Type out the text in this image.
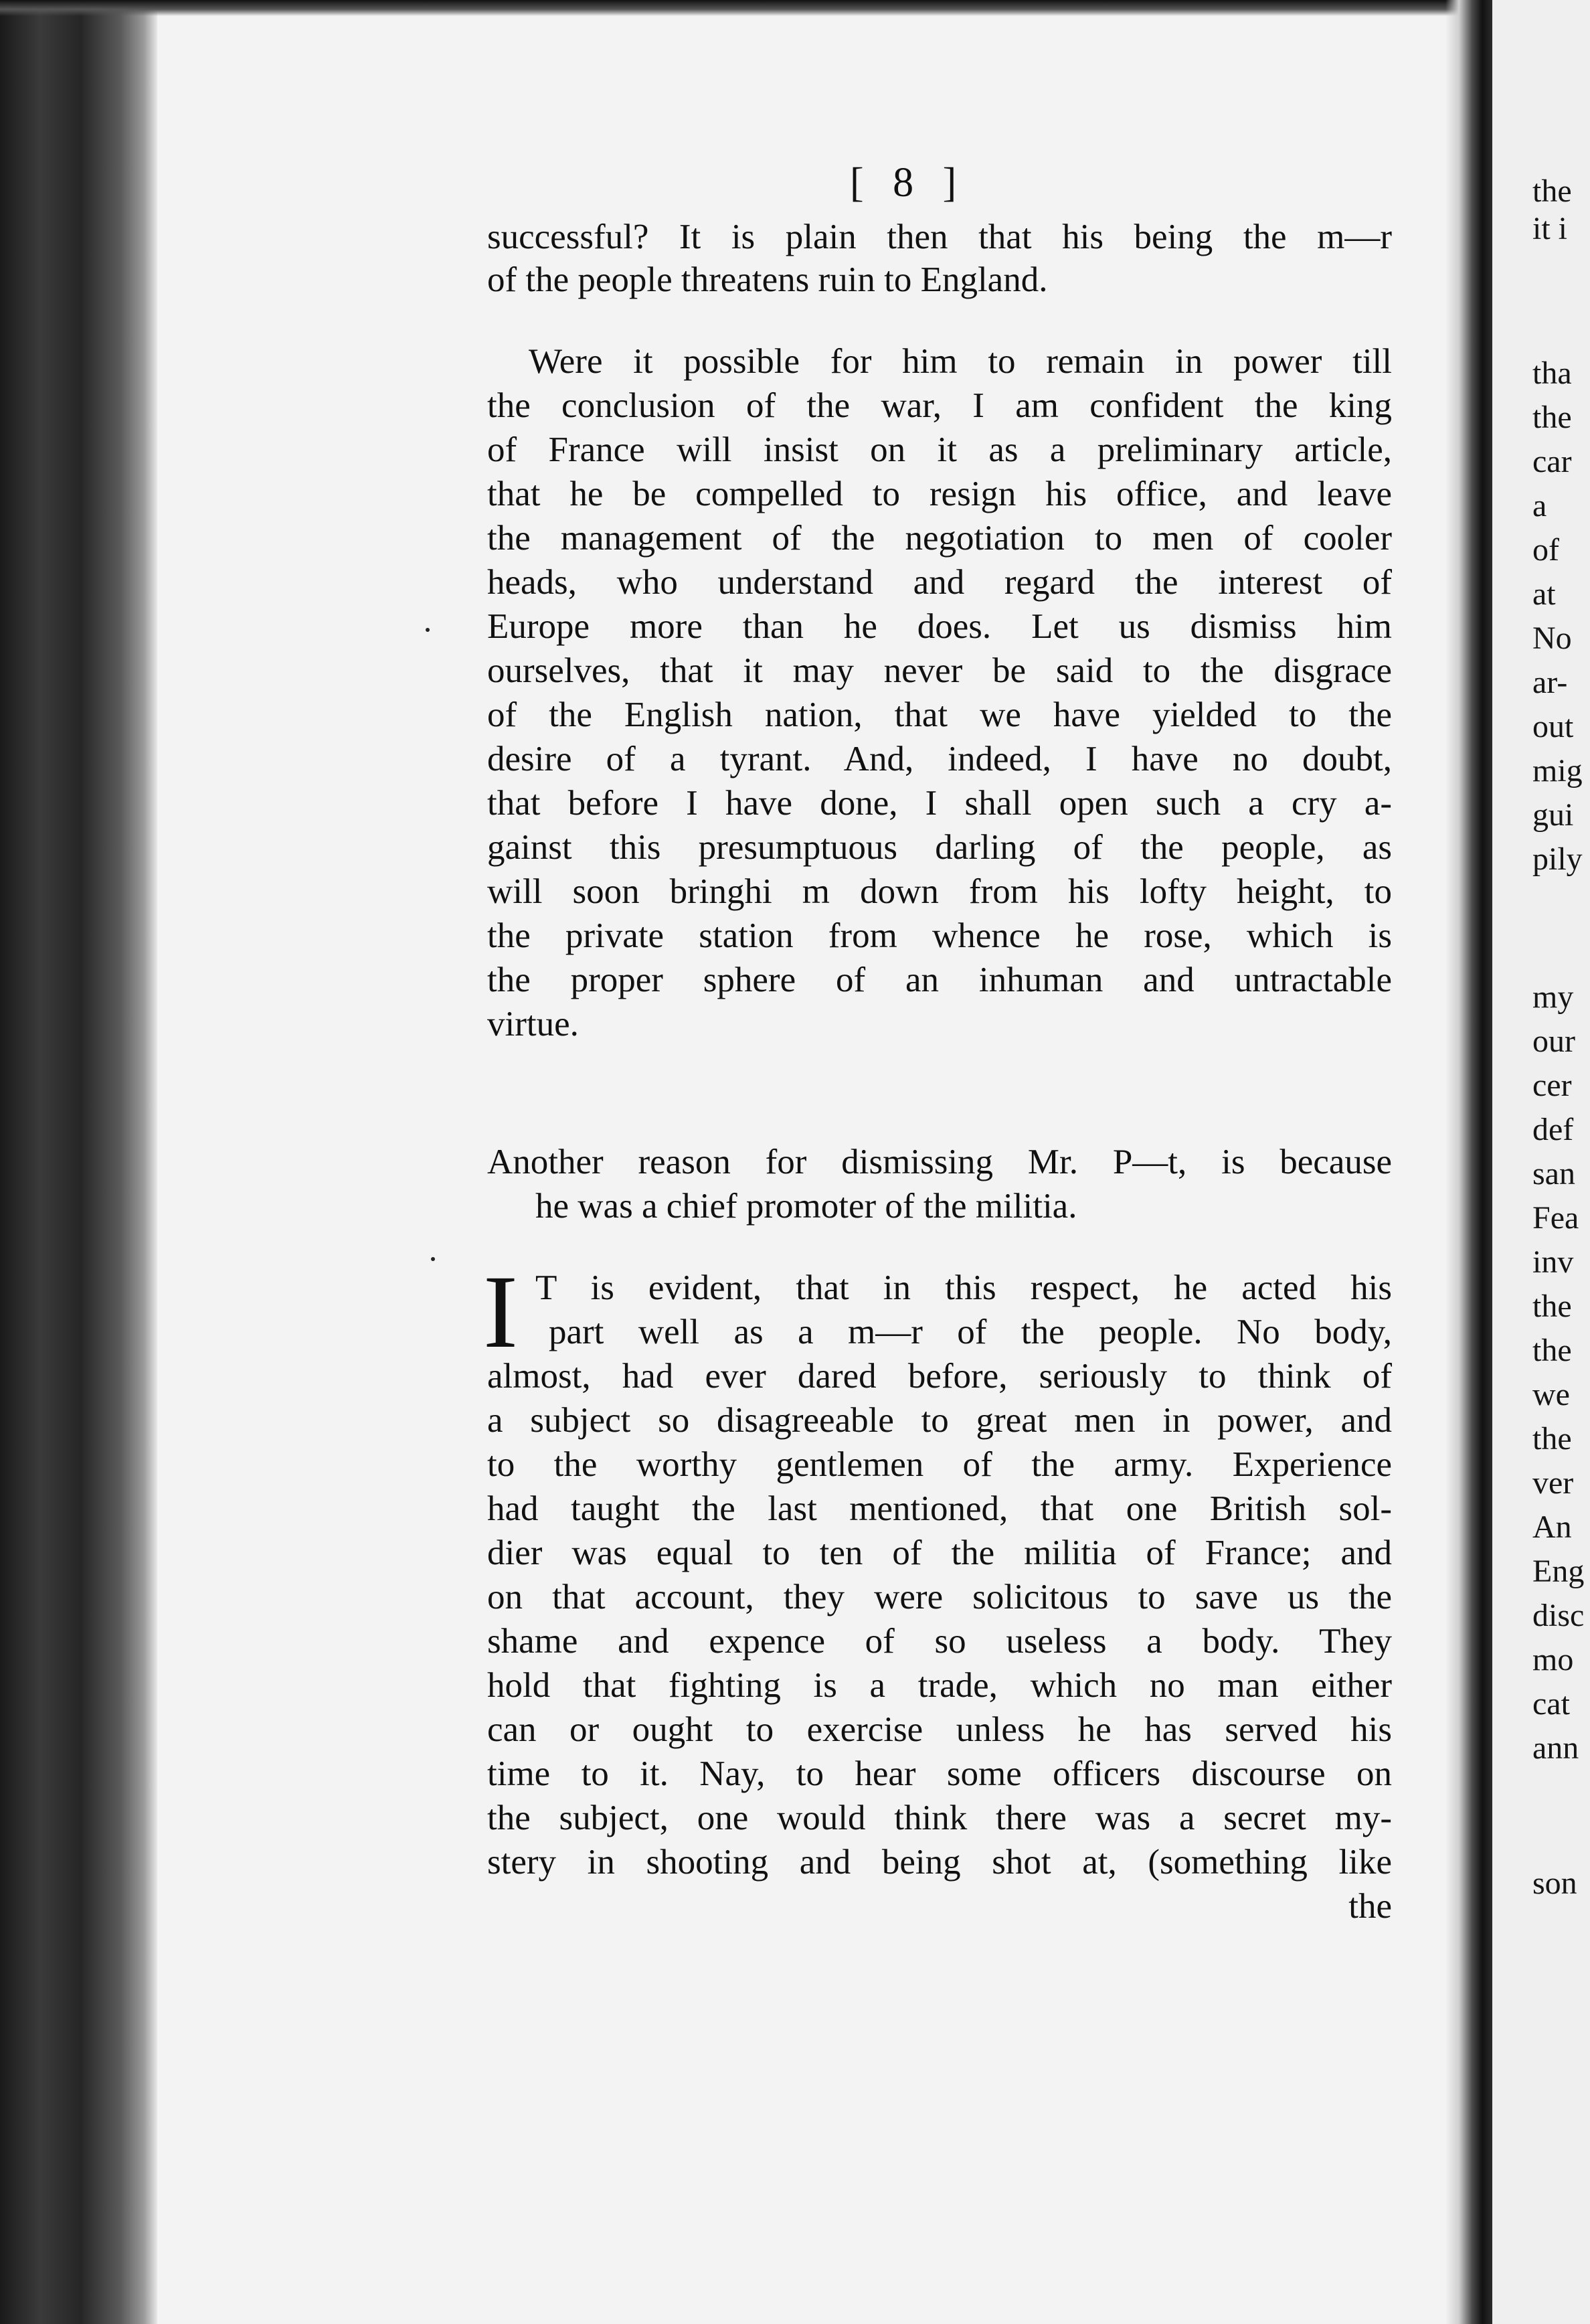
the
it i
tha
the
car
a
of
at
No
ar-
out
mig
gui
pily
my
our
cer
def
san
Fea
inv
the
the
we
the
ver
An
Eng
disc
mo
cat
ann
son
[ 8 ]
successful? It is plain then that his being the m—r
of the people threatens ruin to England.
Were it possible for him to remain in power till
the conclusion of the war, I am confident the king
of France will insist on it as a preliminary article,
that he be compelled to resign his office, and leave
the management of the negotiation to men of cooler
heads, who understand and regard the interest of
Europe more than he does. Let us dismiss him
ourselves, that it may never be said to the disgrace
of the English nation, that we have yielded to the
desire of a tyrant. And, indeed, I have no doubt,
that before I have done, I shall open such a cry a-
gainst this presumptuous darling of the people, as
will soon bringhi m down from his lofty height, to
the private station from whence he rose, which is
the proper sphere of an inhuman and untractable
virtue.
Another reason for dismissing Mr. P—t, is because
he was a chief promoter of the militia.
I T is evident, that in this respect, he acted his
part well as a m—r of the people. No body,
almost, had ever dared before, seriously to think of
a subject so disagreeable to great men in power, and
to the worthy gentlemen of the army. Experience
had taught the last mentioned, that one British sol-
dier was equal to ten of the militia of France; and
on that account, they were solicitous to save us the
shame and expence of so useless a body. They
hold that fighting is a trade, which no man either
can or ought to exercise unless he has served his
time to it. Nay, to hear some officers discourse on
the subject, one would think there was a secret my-
stery in shooting and being shot at, (something like
the
